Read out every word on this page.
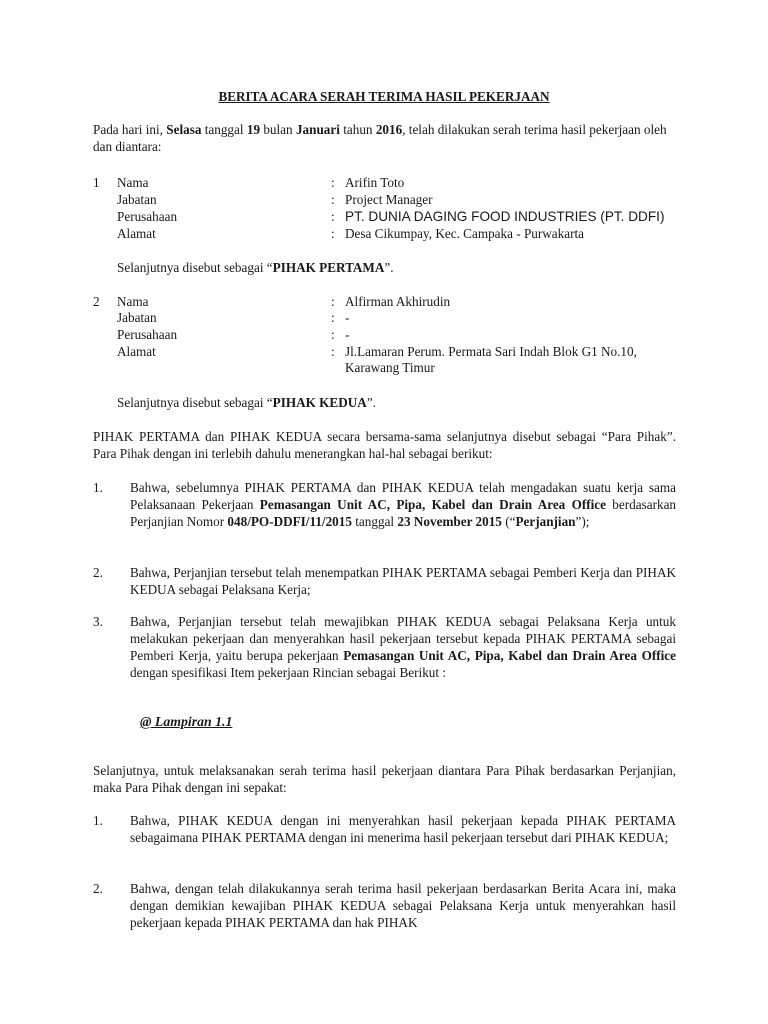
BERITA ACARA SERAH TERIMA HASIL PEKERJAAN
Pada hari ini, Selasa tanggal 19 bulan Januari tahun 2016, telah dilakukan serah terima hasil pekerjaan oleh dan diantara:
1 Nama	: Arifin Toto
Jabatan	: Project Manager
Perusahaan	: PT. DUNIA DAGING FOOD INDUSTRIES (PT. DDFI)
Alamat	: Desa Cikumpay, Kec. Campaka - Purwakarta
Selanjutnya disebut sebagai “PIHAK PERTAMA”.
2 Nama	: Alfirman Akhirudin
Jabatan	: -
Perusahaan	: -
Alamat	: Jl.Lamaran Perum. Permata Sari Indah Blok G1 No.10,
Karawang Timur
Selanjutnya disebut sebagai “PIHAK KEDUA”.
PIHAK PERTAMA dan PIHAK KEDUA secara bersama-sama selanjutnya disebut sebagai “Para Pihak”. Para Pihak dengan ini terlebih dahulu menerangkan hal-hal sebagai berikut:
1. Bahwa, sebelumnya PIHAK PERTAMA dan PIHAK KEDUA telah mengadakan suatu kerja sama Pelaksanaan Pekerjaan Pemasangan Unit AC, Pipa, Kabel dan Drain Area Office berdasarkan Perjanjian Nomor 048/PO-DDFI/11/2015 tanggal 23 November 2015 (“Perjanjian”);
2. Bahwa, Perjanjian tersebut telah menempatkan PIHAK PERTAMA sebagai Pemberi Kerja dan PIHAK KEDUA sebagai Pelaksana Kerja;
3. Bahwa, Perjanjian tersebut telah mewajibkan PIHAK KEDUA sebagai Pelaksana Kerja untuk melakukan pekerjaan dan menyerahkan hasil pekerjaan tersebut kepada PIHAK PERTAMA sebagai Pemberi Kerja, yaitu berupa pekerjaan Pemasangan Unit AC, Pipa, Kabel dan Drain Area Office dengan spesifikasi Item pekerjaan Rincian sebagai Berikut :
@ Lampiran 1.1
Selanjutnya, untuk melaksanakan serah terima hasil pekerjaan diantara Para Pihak berdasarkan Perjanjian, maka Para Pihak dengan ini sepakat:
1. Bahwa, PIHAK KEDUA dengan ini menyerahkan hasil pekerjaan kepada PIHAK PERTAMA sebagaimana PIHAK PERTAMA dengan ini menerima hasil pekerjaan tersebut dari PIHAK KEDUA;
2. Bahwa, dengan telah dilakukannya serah terima hasil pekerjaan berdasarkan Berita Acara ini, maka dengan demikian kewajiban PIHAK KEDUA sebagai Pelaksana Kerja untuk menyerahkan hasil pekerjaan kepada PIHAK PERTAMA dan hak PIHAK
